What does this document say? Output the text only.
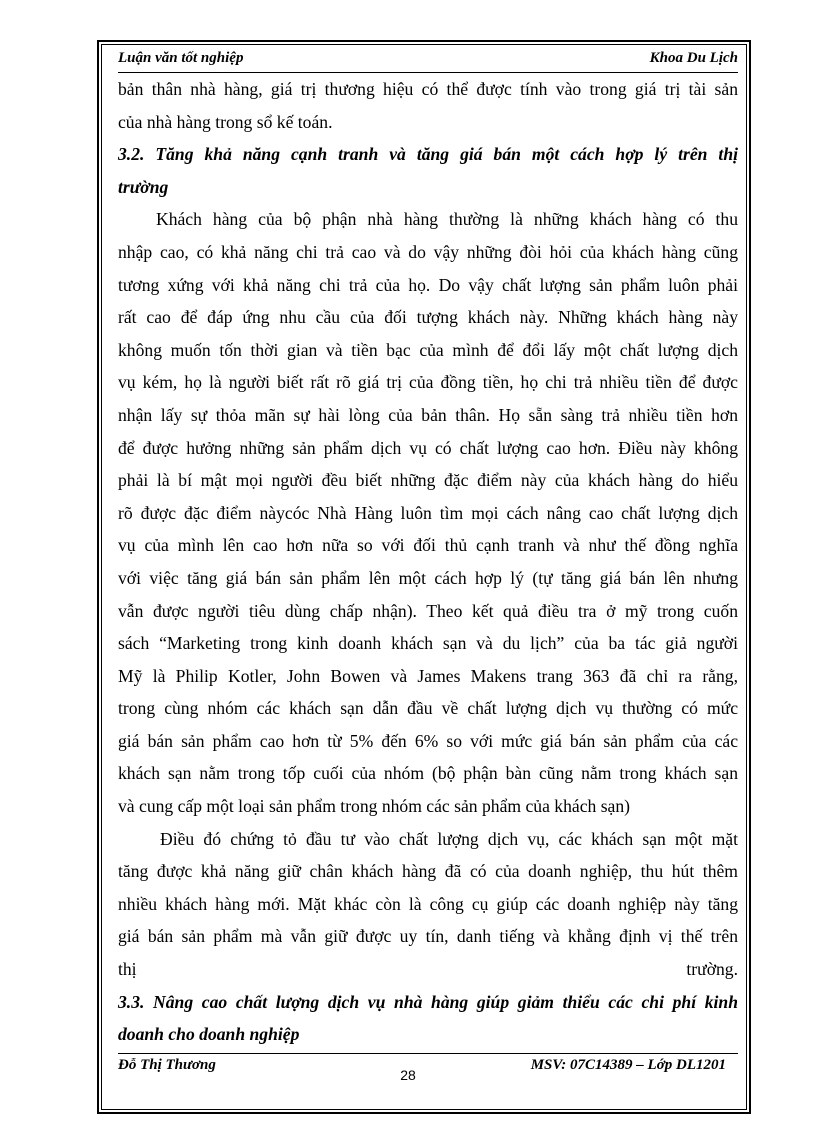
Luận văn tốt nghiệp	Khoa Du Lịch
bản thân nhà hàng, giá trị thương hiệu có thể được tính vào trong giá trị tài sản
của nhà hàng trong sổ kế toán.
3.2. Tăng khả năng cạnh tranh và tăng giá bán một cách hợp lý trên thị
trường
Khách hàng của bộ phận nhà hàng thường là những khách hàng có thu
nhập cao, có khả năng chi trả cao và do vậy những đòi hỏi của khách hàng cũng
tương xứng với khả năng chi trả của họ. Do vậy chất lượng sản phẩm luôn phải
rất cao để đáp ứng nhu cầu của đối tượng khách này. Những khách hàng này
không muốn tốn thời gian và tiền bạc của mình để đổi lấy một chất lượng dịch
vụ kém, họ là người biết rất rõ giá trị của đồng tiền, họ chi trả nhiều tiền để được
nhận lấy sự thỏa mãn sự hài lòng của bản thân. Họ sẵn sàng trả nhiều tiền hơn
để được hưởng những sản phẩm dịch vụ có chất lượng cao hơn. Điều này không
phải là bí mật mọi người đều biết những đặc điểm này của khách hàng do hiểu
rõ được đặc điểm nàycóc Nhà Hàng luôn tìm mọi cách nâng cao chất lượng dịch
vụ của mình lên cao hơn nữa so với đối thủ cạnh tranh và như thế đồng nghĩa
với việc tăng giá bán sản phẩm lên một cách hợp lý (tự tăng giá bán lên nhưng
vẫn được người tiêu dùng chấp nhận). Theo kết quả điều tra ở mỹ trong cuốn
sách “Marketing trong kinh doanh khách sạn và du lịch” của ba tác giả người
Mỹ là Philip Kotler, John Bowen và James Makens trang 363 đã chỉ ra rằng,
trong cùng nhóm các khách sạn dẫn đầu về chất lượng dịch vụ thường có mức
giá bán sản phẩm cao hơn từ 5% đến 6% so với mức giá bán sản phẩm của các
khách sạn nằm trong tốp cuối của nhóm (bộ phận bàn cũng nằm trong khách sạn
và cung cấp một loại sản phẩm trong nhóm các sản phẩm của khách sạn)
Điều đó chứng tỏ đầu tư vào chất lượng dịch vụ, các khách sạn một mặt
tăng được khả năng giữ chân khách hàng đã có của doanh nghiệp, thu hút thêm
nhiều khách hàng mới. Mặt khác còn là công cụ giúp các doanh nghiệp này tăng
giá bán sản phẩm mà vẫn giữ được uy tín, danh tiếng và khẳng định vị thế trên
thị	trường.
3.3. Nâng cao chất lượng dịch vụ nhà hàng giúp giảm thiểu các chi phí kinh
doanh cho doanh nghiệp
Đỗ Thị Thương	MSV: 07C14389 – Lớp DL1201
28
